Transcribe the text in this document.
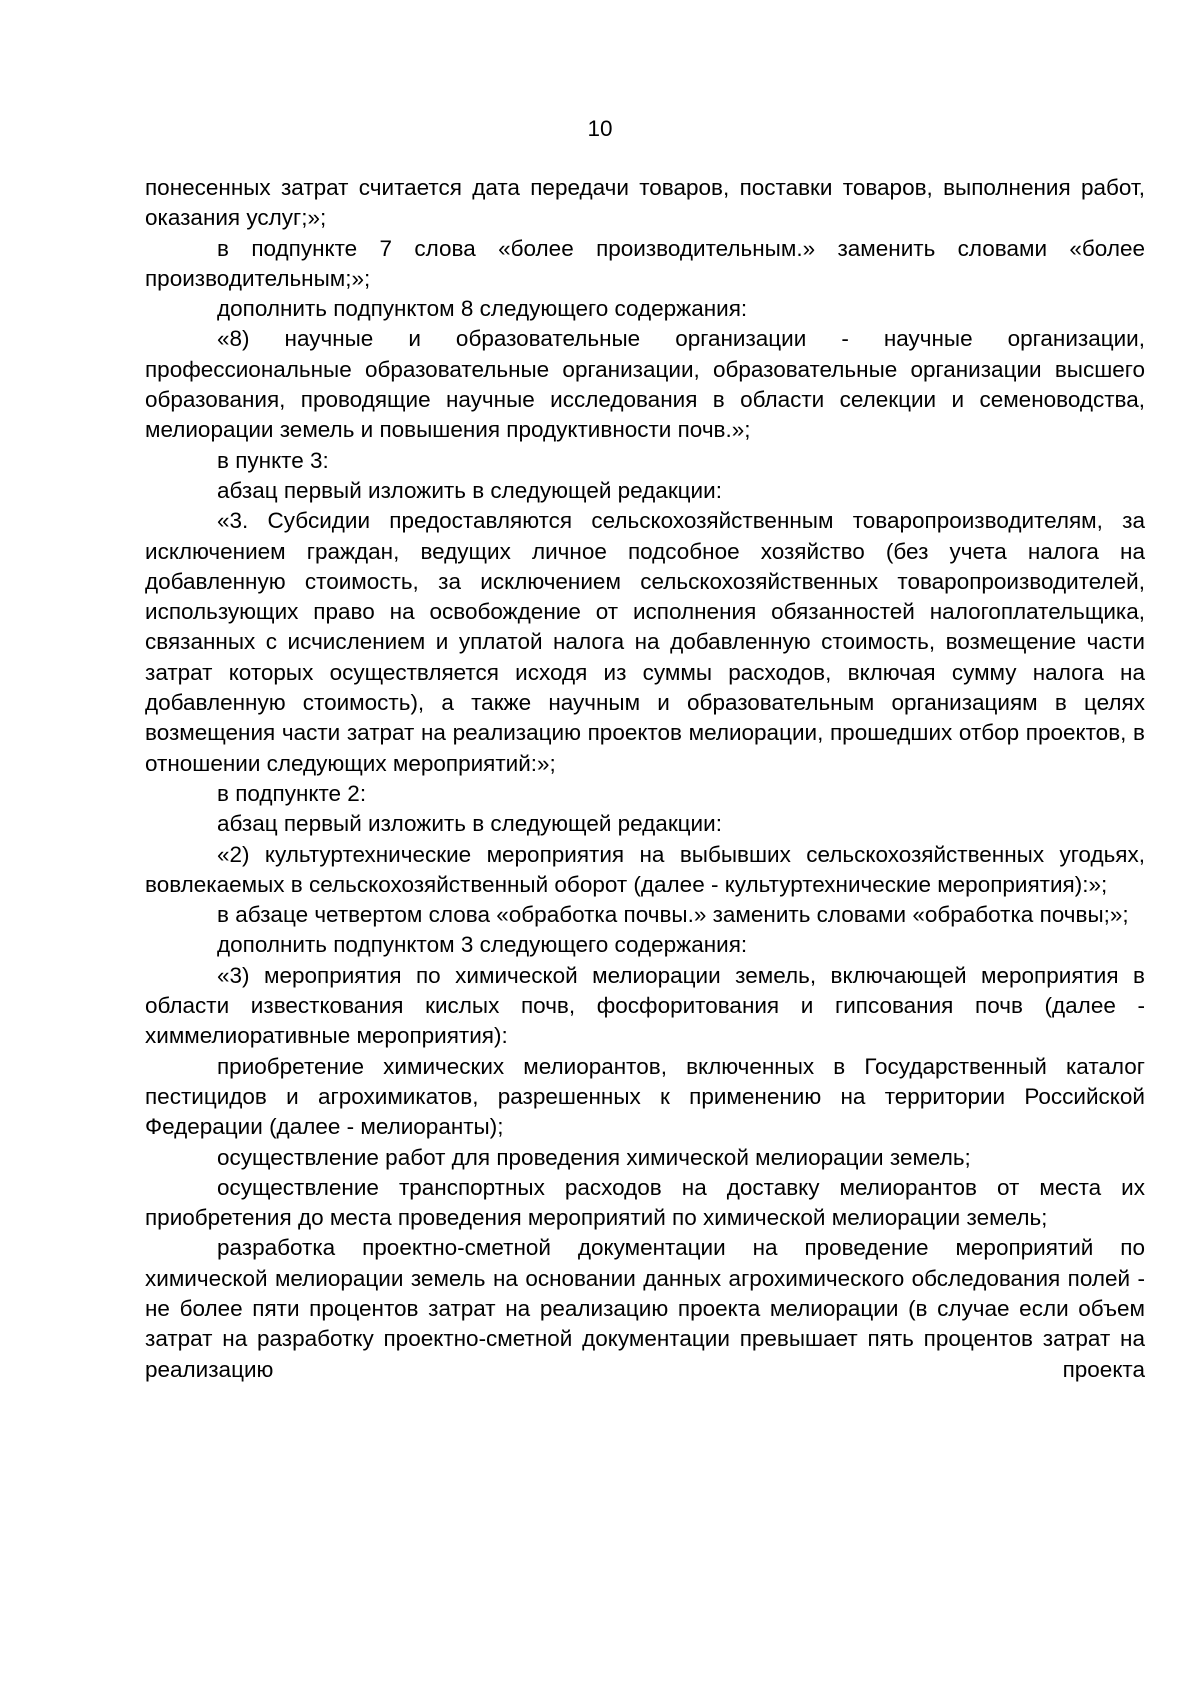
10

понесенных затрат считается дата передачи товаров, поставки товаров, выполнения работ, оказания услуг;»;

в подпункте 7 слова «более производительным.» заменить словами «более производительным;»;

дополнить подпунктом 8 следующего содержания:

«8) научные и образовательные организации - научные организации, профессиональные образовательные организации, образовательные организации высшего образования, проводящие научные исследования в области селекции и семеноводства, мелиорации земель и повышения продуктивности почв.»;

в пункте 3:

абзац первый изложить в следующей редакции:

«3. Субсидии предоставляются сельскохозяйственным товаропроизводителям, за исключением граждан, ведущих личное подсобное хозяйство (без учета налога на добавленную стоимость, за исключением сельскохозяйственных товаропроизводителей, использующих право на освобождение от исполнения обязанностей налогоплательщика, связанных с исчислением и уплатой налога на добавленную стоимость, возмещение части затрат которых осуществляется исходя из суммы расходов, включая сумму налога на добавленную стоимость), а также научным и образовательным организациям в целях возмещения части затрат на реализацию проектов мелиорации, прошедших отбор проектов, в отношении следующих мероприятий:»;

в подпункте 2:

абзац первый изложить в следующей редакции:

«2) культуртехнические мероприятия на выбывших сельскохозяйственных угодьях, вовлекаемых в сельскохозяйственный оборот (далее - культуртехнические мероприятия):»;

в абзаце четвертом слова «обработка почвы.» заменить словами «обработка почвы;»;

дополнить подпунктом 3 следующего содержания:

«3) мероприятия по химической мелиорации земель, включающей мероприятия в области известкования кислых почв, фосфоритования и гипсования почв (далее - химмелиоративные мероприятия):

приобретение химических мелиорантов, включенных в Государственный каталог пестицидов и агрохимикатов, разрешенных к применению на территории Российской Федерации (далее - мелиоранты);

осуществление работ для проведения химической мелиорации земель;

осуществление транспортных расходов на доставку мелиорантов от места их приобретения до места проведения мероприятий по химической мелиорации земель;

разработка проектно-сметной документации на проведение мероприятий по химической мелиорации земель на основании данных агрохимического обследования полей - не более пяти процентов затрат на реализацию проекта мелиорации (в случае если объем затрат на разработку проектно-сметной документации превышает пять процентов затрат на реализацию проекта
